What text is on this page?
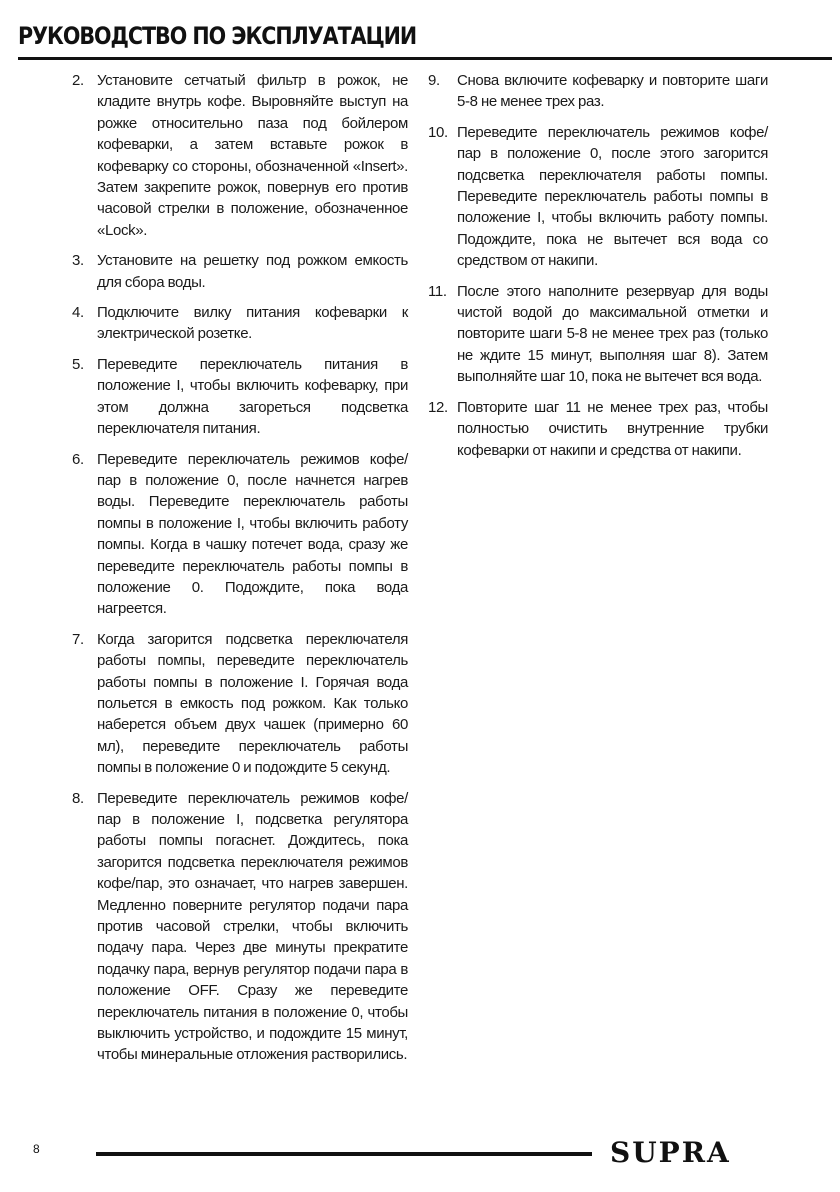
РУКОВОДСТВО ПО ЭКСПЛУАТАЦИИ
2. Установите сетчатый фильтр в рожок, не кладите внутрь кофе. Выровняйте выступ на рожке относительно паза под бойлером кофеварки, а затем вставьте рожок в кофеварку со стороны, обозначенной «Insert». Затем закрепите рожок, повернув его против часовой стрелки в положение, обозначенное «Lock».
3. Установите на решетку под рожком емкость для сбора воды.
4. Подключите вилку питания кофеварки к электрической розетке.
5. Переведите переключатель питания в положение I, чтобы включить кофеварку, при этом должна загореться подсветка переключателя питания.
6. Переведите переключатель режимов кофе/пар в положение 0, после начнется нагрев воды. Переведите переключатель работы помпы в положение I, чтобы включить работу помпы. Когда в чашку потечет вода, сразу же переведите переключатель работы помпы в положение 0. Подождите, пока вода нагреется.
7. Когда загорится подсветка переключателя работы помпы, переведите переключатель работы помпы в положение I. Горячая вода польется в емкость под рожком. Как только наберется объем двух чашек (примерно 60 мл), переведите переключатель работы помпы в положение 0 и подождите 5 секунд.
8. Переведите переключатель режимов кофе/пар в положение I, подсветка регулятора работы помпы погаснет. Дождитесь, пока загорится подсветка переключателя режимов кофе/пар, это означает, что нагрев завершен. Медленно поверните регулятор подачи пара против часовой стрелки, чтобы включить подачу пара. Через две минуты прекратите подачку пара, вернув регулятор подачи пара в положение OFF. Сразу же переведите переключатель питания в положение 0, чтобы выключить устройство, и подождите 15 минут, чтобы минеральные отложения растворились.
9.	Снова включите кофеварку и повторите шаги 5-8 не менее трех раз.
10. Переведите переключатель режимов кофе/пар в положение 0, после этого загорится подсветка переключателя работы помпы. Переведите переключатель работы помпы в положение I, чтобы включить работу помпы. Подождите, пока не вытечет вся вода со средством от накипи.
11. После этого наполните резервуар для воды чистой водой до максимальной отметки и повторите шаги 5-8 не менее трех раз (только не ждите 15 минут, выполняя шаг 8). Затем выполняйте шаг 10, пока не вытечет вся вода.
12. Повторите шаг 11 не менее трех раз, чтобы полностью очистить внутренние трубки кофеварки от накипи и средства от накипи.
8	SUPRA
